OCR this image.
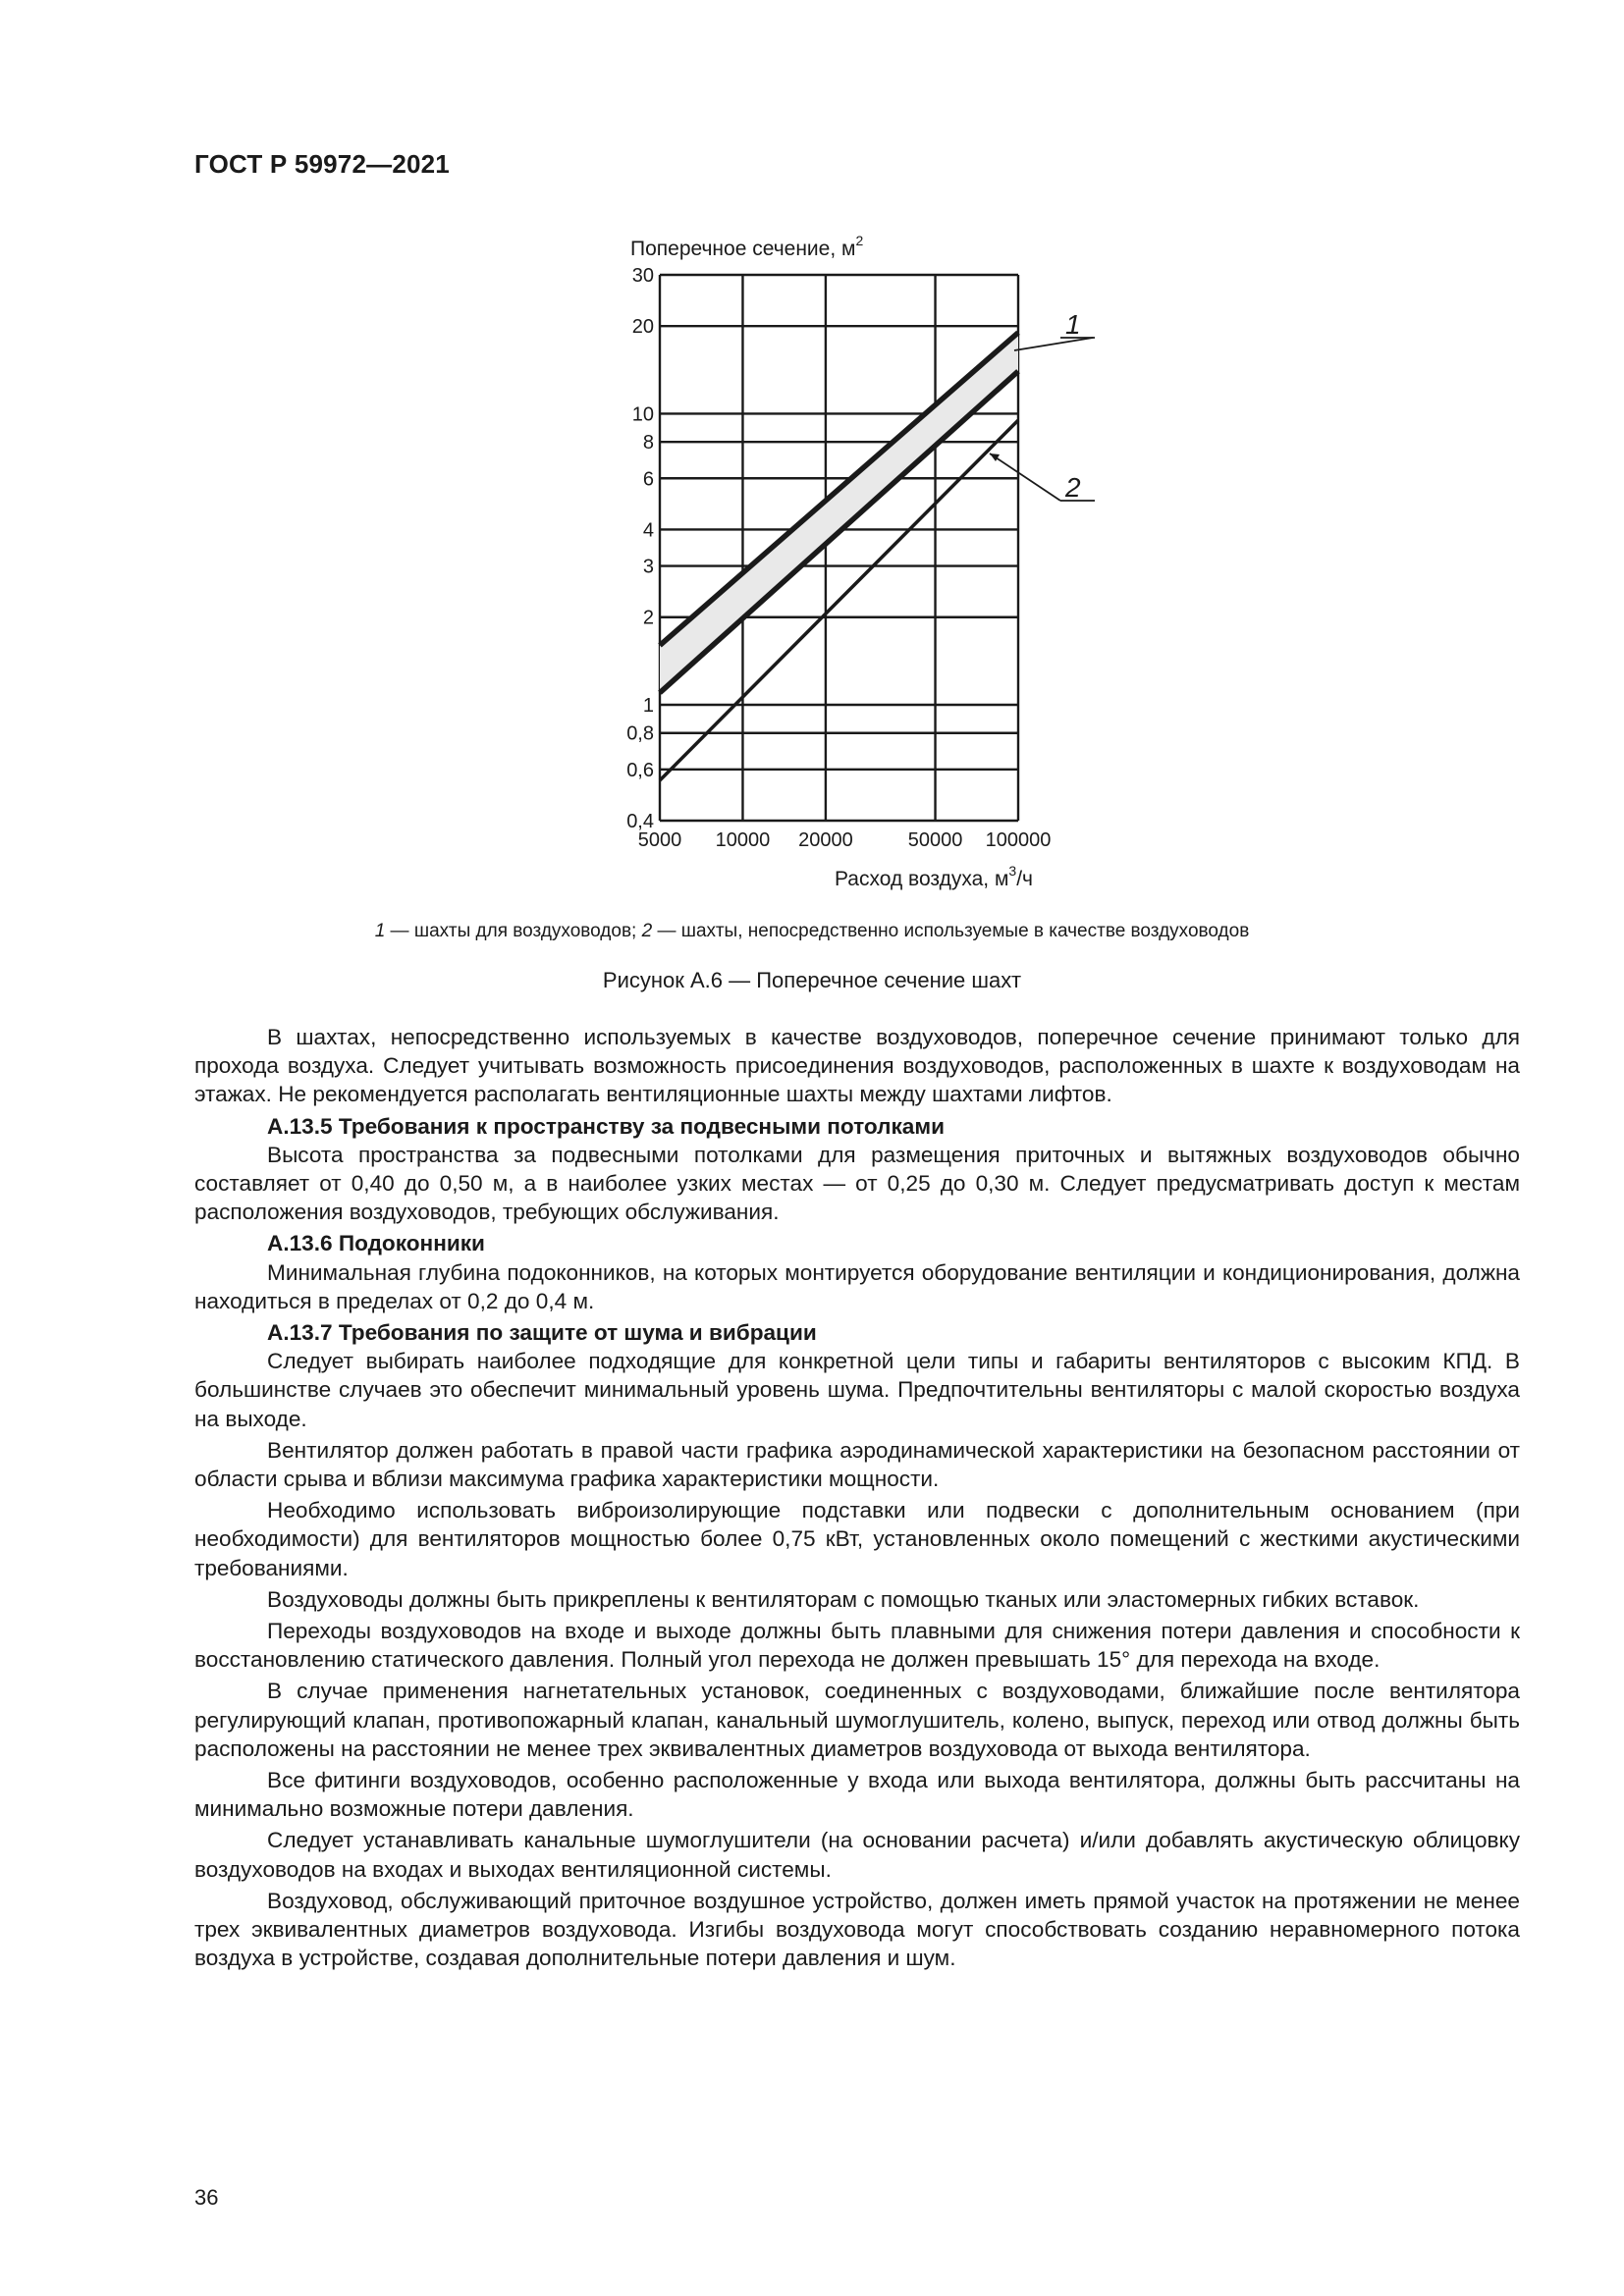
ГОСТ Р 59972—2021
Поперечное сечение, $м^2$
5000 10000 20000	50000 100000
0,4
0,6
0,8
1
2
3
4
6
8
10
20
30
1
2
Расход воздуха, $м^3/ч$
1 — шахты для воздуховодов; 2 — шахты, непосредственно используемые в качестве воздуховодов
Рисунок А.6 — Поперечное сечение шахт

В шахтах, непосредственно используемых в качестве воздуховодов, поперечное сечение принимают только для прохода воздуха. Следует учитывать возможность присоединения воздуховодов, расположенных в шахте к воздуховодам на этажах. Не рекомендуется располагать вентиляционные шахты между шахтами лифтов.

А.13.5 Требования к пространству за подвесными потолками

Высота пространства за подвесными потолками для размещения приточных и вытяжных воздуховодов обычно составляет от 0,40 до 0,50 м, а в наиболее узких местах — от 0,25 до 0,30 м. Следует предусматривать доступ к местам расположения воздуховодов, требующих обслуживания.

А.13.6 Подоконники

Минимальная глубина подоконников, на которых монтируется оборудование вентиляции и кондиционирования, должна находиться в пределах от 0,2 до 0,4 м.

А.13.7 Требования по защите от шума и вибрации

Следует выбирать наиболее подходящие для конкретной цели типы и габариты вентиляторов с высоким КПД. В большинстве случаев это обеспечит минимальный уровень шума. Предпочтительны вентиляторы с малой скоростью воздуха на выходе.

Вентилятор должен работать в правой части графика аэродинамической характеристики на безопасном расстоянии от области срыва и вблизи максимума графика характеристики мощности.

Необходимо использовать виброизолирующие подставки или подвески с дополнительным основанием (при необходимости) для вентиляторов мощностью более 0,75 кВт, установленных около помещений с жесткими акустическими требованиями.

Воздуховоды должны быть прикреплены к вентиляторам с помощью тканых или эластомерных гибких вставок.

Переходы воздуховодов на входе и выходе должны быть плавными для снижения потери давления и способности к восстановлению статического давления. Полный угол перехода не должен превышать 15° для перехода на входе.

В случае применения нагнетательных установок, соединенных с воздуховодами, ближайшие после вентилятора регулирующий клапан, противопожарный клапан, канальный шумоглушитель, колено, выпуск, переход или отвод должны быть расположены на расстоянии не менее трех эквивалентных диаметров воздуховода от выхода вентилятора.

Все фитинги воздуховодов, особенно расположенные у входа или выхода вентилятора, должны быть рассчитаны на минимально возможные потери давления.

Следует устанавливать канальные шумоглушители (на основании расчета) и/или добавлять акустическую облицовку воздуховодов на входах и выходах вентиляционной системы.

Воздуховод, обслуживающий приточное воздушное устройство, должен иметь прямой участок на протяжении не менее трех эквивалентных диаметров воздуховода. Изгибы воздуховода могут способствовать созданию неравномерного потока воздуха в устройстве, создавая дополнительные потери давления и шум.

36
